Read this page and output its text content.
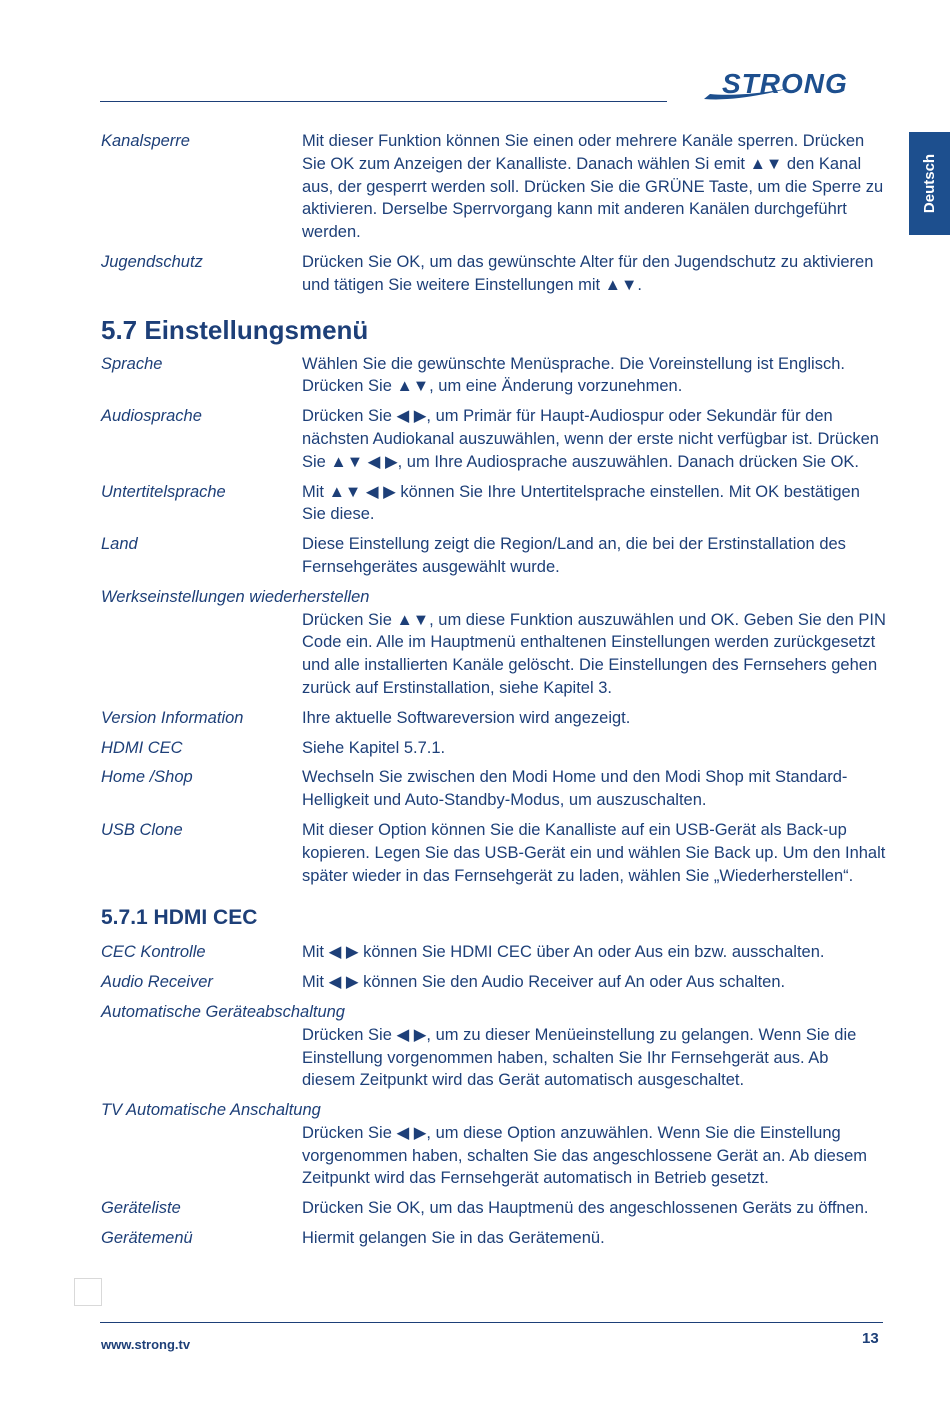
STRONG
Deutsch
Kanalsperre	Mit dieser Funktion können Sie einen oder mehrere Kanäle sperren. Drücken Sie OK zum Anzeigen der Kanalliste. Danach wählen Si emit ▲▼ den Kanal aus, der gesperrt werden soll. Drücken Sie die GRÜNE Taste, um die Sperre zu aktivieren. Derselbe Sperrvorgang kann mit anderen Kanälen durchgeführt werden.
Jugendschutz	Drücken Sie OK, um das gewünschte Alter für den Jugendschutz zu aktivieren und tätigen Sie weitere Einstellungen mit ▲▼.
5.7 Einstellungsmenü
Sprache	Wählen Sie die gewünschte Menüsprache. Die Voreinstellung ist Englisch. Drücken Sie ▲▼, um eine Änderung vorzunehmen.
Audiosprache	Drücken Sie ◀ ▶, um Primär für Haupt-Audiospur oder Sekundär für den nächsten Audiokanal auszuwählen, wenn der erste nicht verfügbar ist. Drücken Sie ▲▼ ◀ ▶, um Ihre Audiosprache auszuwählen. Danach drücken Sie OK.
Untertitelsprache	Mit ▲▼ ◀ ▶ können Sie Ihre Untertitelsprache einstellen. Mit OK bestätigen Sie diese.
Land	Diese Einstellung zeigt die Region/Land an, die bei der Erstinstallation des Fernsehgerätes ausgewählt wurde.
Werkseinstellungen wiederherstellen
Drücken Sie ▲▼, um diese Funktion auszuwählen und OK. Geben Sie den PIN Code ein. Alle im Hauptmenü enthaltenen Einstellungen werden zurückgesetzt und alle installierten Kanäle gelöscht. Die Einstellungen des Fernsehers gehen zurück auf Erstinstallation, siehe Kapitel 3.
Version Information	Ihre aktuelle Softwareversion wird angezeigt.
HDMI CEC	Siehe Kapitel 5.7.1.
Home /Shop	Wechseln Sie zwischen den Modi Home und den Modi Shop mit Standard-Helligkeit und Auto-Standby-Modus, um auszuschalten.
USB Clone	Mit dieser Option können Sie die Kanalliste auf ein USB-Gerät als Back-up kopieren. Legen Sie das USB-Gerät ein und wählen Sie Back up. Um den Inhalt später wieder in das Fernsehgerät zu laden, wählen Sie „Wiederherstellen“.
5.7.1 HDMI CEC
CEC Kontrolle	Mit ◀ ▶ können Sie HDMI CEC über An oder Aus ein bzw. ausschalten.
Audio Receiver	Mit ◀ ▶ können Sie den Audio Receiver auf An oder Aus schalten.
Automatische Geräteabschaltung
Drücken Sie ◀ ▶, um zu dieser Menüeinstellung zu gelangen. Wenn Sie die Einstellung vorgenommen haben, schalten Sie Ihr Fernsehgerät aus. Ab diesem Zeitpunkt wird das Gerät automatisch ausgeschaltet.
TV Automatische Anschaltung
Drücken Sie ◀ ▶, um diese Option anzuwählen. Wenn Sie die Einstellung vorgenommen haben, schalten Sie das angeschlossene Gerät an. Ab diesem Zeitpunkt wird das Fernsehgerät automatisch in Betrieb gesetzt.
Geräteliste	Drücken Sie OK, um das Hauptmenü des angeschlossenen Geräts zu öffnen.
Gerätemenü	Hiermit gelangen Sie in das Gerätemenü.
www.strong.tv	13
